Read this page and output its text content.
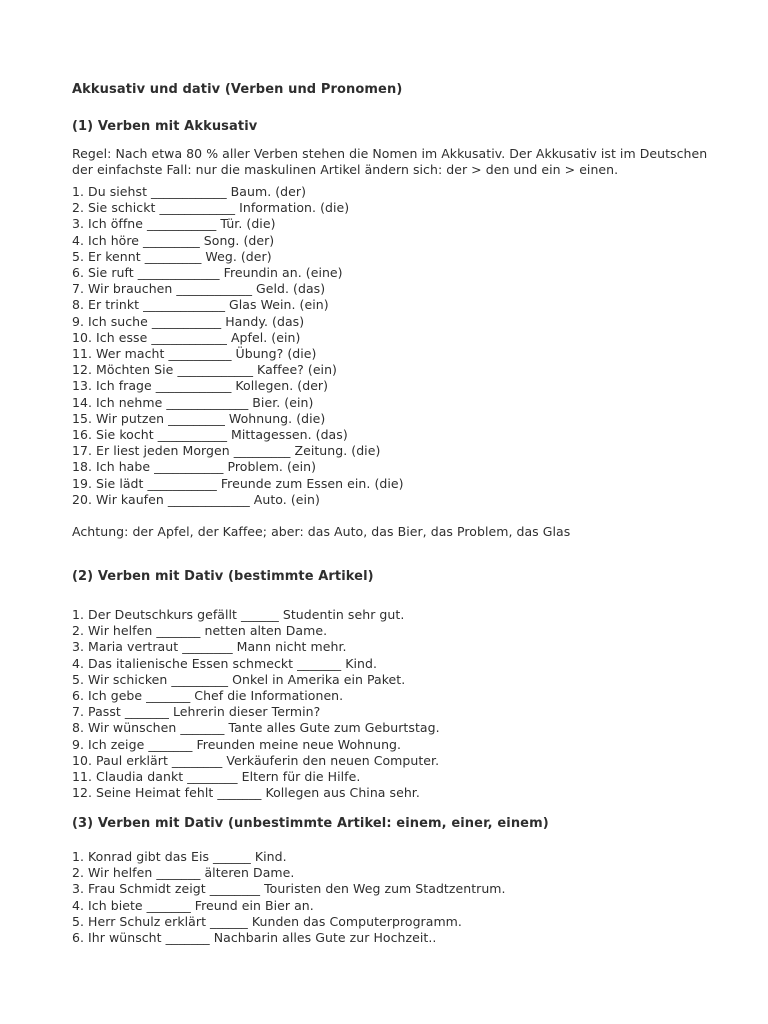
Akkusativ und dativ (Verben und Pronomen)
(1) Verben mit Akkusativ
Regel: Nach etwa 80 % aller Verben stehen die Nomen im Akkusativ. Der Akkusativ ist im Deutschen
der einfachste Fall: nur die maskulinen Artikel ändern sich: der > den und ein > einen.
1. Du siehst ____________ Baum. (der)
2. Sie schickt ____________ Information. (die)
3. Ich öffne ___________ Tür. (die)
4. Ich höre _________ Song. (der)
5. Er kennt _________ Weg. (der)
6. Sie ruft _____________ Freundin an. (eine)
7. Wir brauchen ____________ Geld. (das)
8. Er trinkt _____________ Glas Wein. (ein)
9. Ich suche ___________ Handy. (das)
10. Ich esse ____________ Apfel. (ein)
11. Wer macht __________ Übung? (die)
12. Möchten Sie ____________ Kaffee? (ein)
13. Ich frage ____________ Kollegen. (der)
14. Ich nehme _____________ Bier. (ein)
15. Wir putzen _________ Wohnung. (die)
16. Sie kocht ___________ Mittagessen. (das)
17. Er liest jeden Morgen _________ Zeitung. (die)
18. Ich habe ___________ Problem. (ein)
19. Sie lädt ___________ Freunde zum Essen ein. (die)
20. Wir kaufen _____________ Auto. (ein)
Achtung: der Apfel, der Kaffee; aber: das Auto, das Bier, das Problem, das Glas
(2) Verben mit Dativ (bestimmte Artikel)
1. Der Deutschkurs gefällt ______ Studentin sehr gut.
2. Wir helfen _______ netten alten Dame.
3. Maria vertraut ________ Mann nicht mehr.
4. Das italienische Essen schmeckt _______ Kind.
5. Wir schicken _________ Onkel in Amerika ein Paket.
6. Ich gebe _______ Chef die Informationen.
7. Passt _______ Lehrerin dieser Termin?
8. Wir wünschen _______ Tante alles Gute zum Geburtstag.
9. Ich zeige _______ Freunden meine neue Wohnung.
10. Paul erklärt ________ Verkäuferin den neuen Computer.
11. Claudia dankt ________ Eltern für die Hilfe.
12. Seine Heimat fehlt _______ Kollegen aus China sehr.
(3) Verben mit Dativ (unbestimmte Artikel: einem, einer, einem)
1. Konrad gibt das Eis ______ Kind.
2. Wir helfen _______ älteren Dame.
3. Frau Schmidt zeigt ________ Touristen den Weg zum Stadtzentrum.
4. Ich biete _______ Freund ein Bier an.
5. Herr Schulz erklärt ______ Kunden das Computerprogramm.
6. Ihr wünscht _______ Nachbarin alles Gute zur Hochzeit..
